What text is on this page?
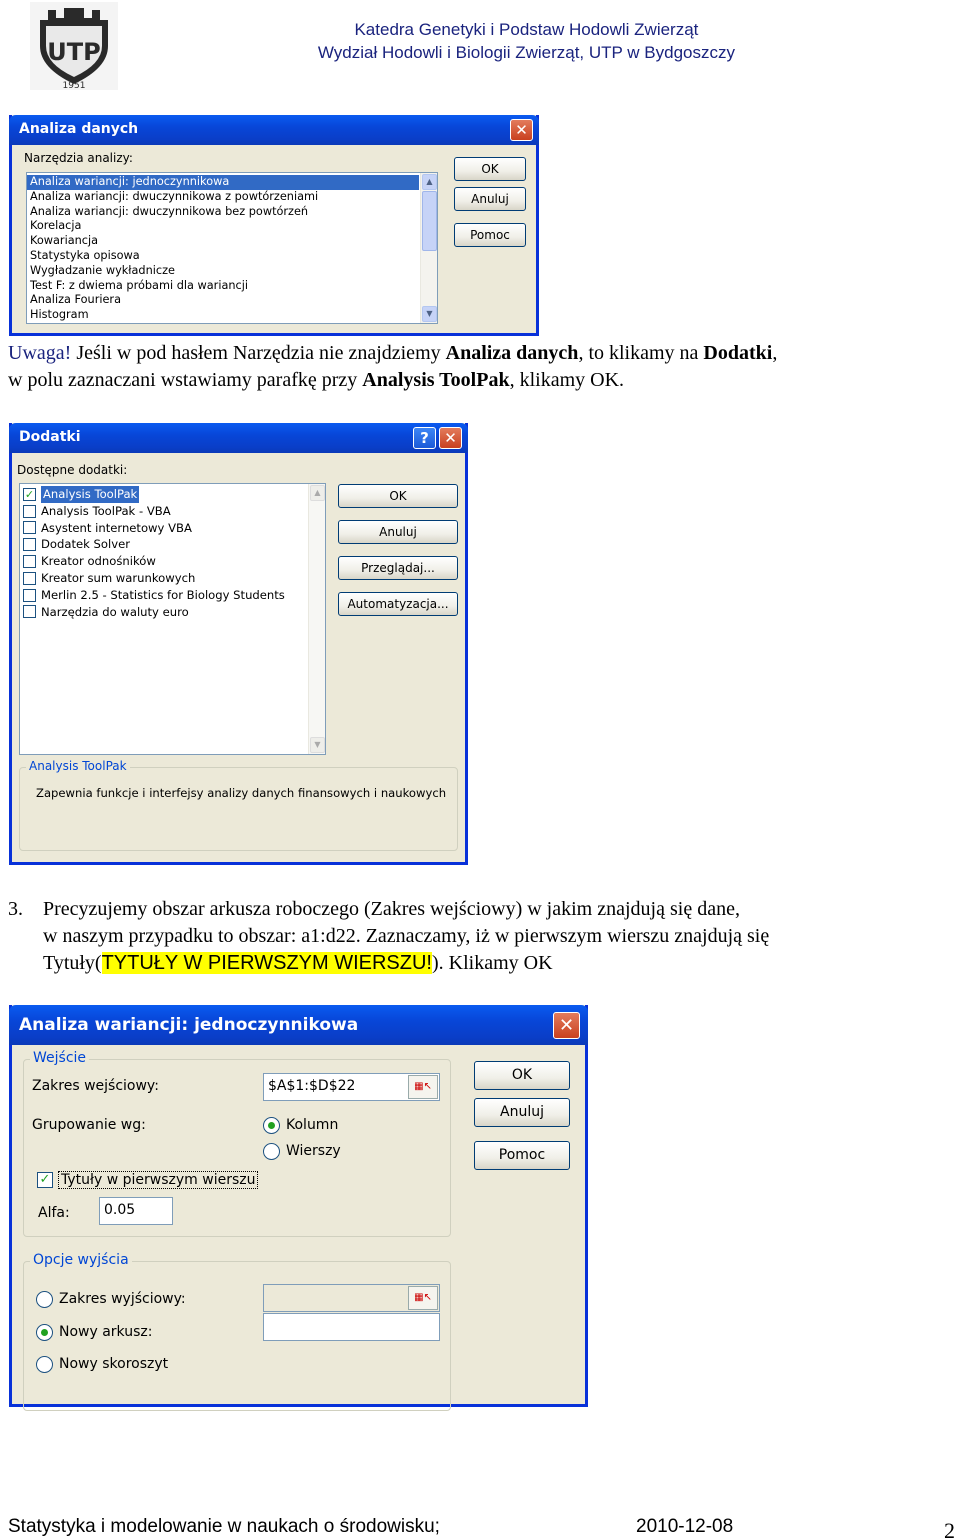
UTP
1951
Katedra Genetyki i Podstaw Hodowli Zwierząt
Wydział Hodowli i Biologii Zwierząt, UTP w Bydgoszczy
Analiza danych	✕
Narzędzia analizy:
Analiza wariancji: jednoczynnikowa
Analiza wariancji: dwuczynnikowa z powtórzeniami
Analiza wariancji: dwuczynnikowa bez powtórzeń
Korelacja
Kowariancja
Statystyka opisowa
Wygładzanie wykładnicze
Test F: z dwiema próbami dla wariancji
Analiza Fouriera
Histogram
▲
▼
OK
Anuluj
Pomoc
Uwaga! Jeśli w pod hasłem Narzędzia nie znajdziemy Analiza danych, to klikamy na Dodatki,
w polu zaznaczani wstawiamy parafkę przy Analysis ToolPak, klikamy OK.
Dodatki	?	✕
Dostępne dodatki:
✓ Analysis ToolPak
Analysis ToolPak - VBA
Asystent internetowy VBA
Dodatek Solver
Kreator odnośników
Kreator sum warunkowych
Merlin 2.5 - Statistics for Biology Students
Narzędzia do waluty euro
▲
▼
OK
Anuluj
Przeglądaj...
Automatyzacja...
Analysis ToolPak
Zapewnia funkcje i interfejsy analizy danych finansowych i naukowych
3. Precyzujemy obszar arkusza roboczego (Zakres wejściowy) w jakim znajdują się dane,
w naszym przypadku to obszar: a1:d22. Zaznaczamy, iż w pierwszym wierszu znajdują się
Tytuły(TYTUŁY W PIERWSZYM WIERSZU!). Klikamy OK
Analiza wariancji: jednoczynnikowa	✕
Wejście
Zakres wejściowy:	$A$1:$D$22	▦↖
Grupowanie wg:	Kolumn
Wierszy
✓ Tytuły w pierwszym wierszu
Alfa:	0.05
Opcje wyjścia
Zakres wyjściowy:	▦↖
Nowy arkusz:
Nowy skoroszyt
OK
Anuluj
Pomoc
Statystyka i modelowanie w naukach o środowisku;	2010-12-08	2
